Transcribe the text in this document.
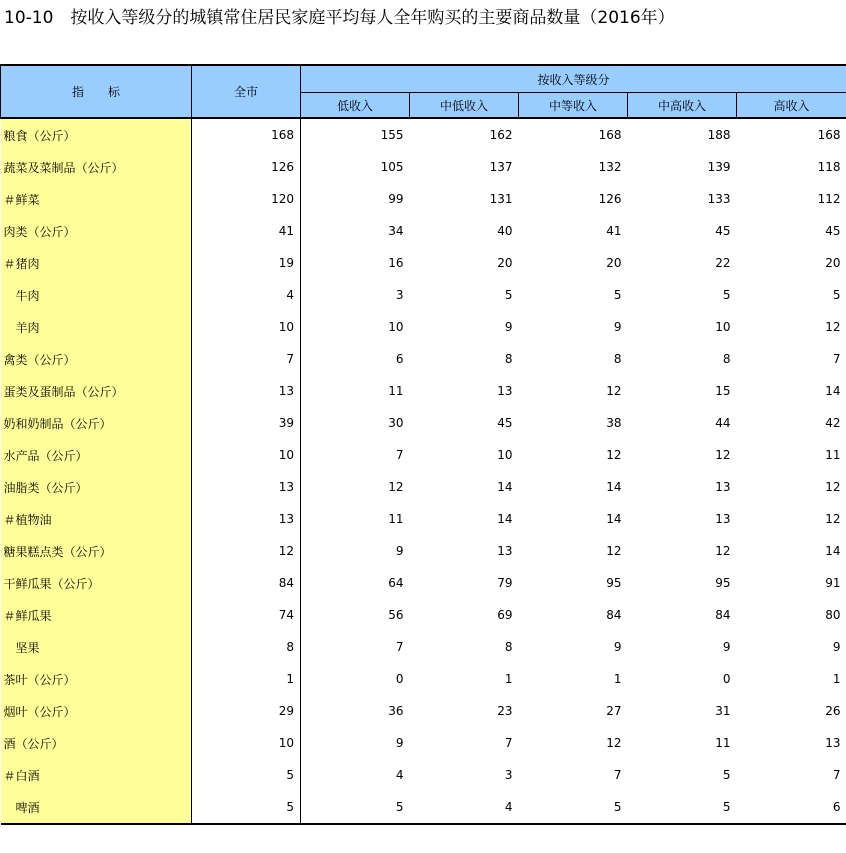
10-10　按收入等级分的城镇常住居民家庭平均每人全年购买的主要商品数量（2016年）
指　　标	全市	按收入等级分				
		低收入	中低收入	中等收入	中高收入	高收入
粮食（公斤）	168	155	162	168	188	168
蔬菜及菜制品（公斤）	126	105	137	132	139	118
＃鲜菜	120	99	131	126	133	112
肉类（公斤）	41	34	40	41	45	45
＃猪肉	19	16	20	20	22	20
　牛肉	4	3	5	5	5	5
　羊肉	10	10	9	9	10	12
禽类（公斤）	7	6	8	8	8	7
蛋类及蛋制品（公斤）	13	11	13	12	15	14
奶和奶制品（公斤）	39	30	45	38	44	42
水产品（公斤）	10	7	10	12	12	11
油脂类（公斤）	13	12	14	14	13	12
＃植物油	13	11	14	14	13	12
糖果糕点类（公斤）	12	9	13	12	12	14
干鲜瓜果（公斤）	84	64	79	95	95	91
＃鲜瓜果	74	56	69	84	84	80
　坚果	8	7	8	9	9	9
茶叶（公斤）	1	0	1	1	0	1
烟叶（公斤）	29	36	23	27	31	26
酒（公斤）	10	9	7	12	11	13
＃白酒	5	4	3	7	5	7
　啤酒	5	5	4	5	5	6
